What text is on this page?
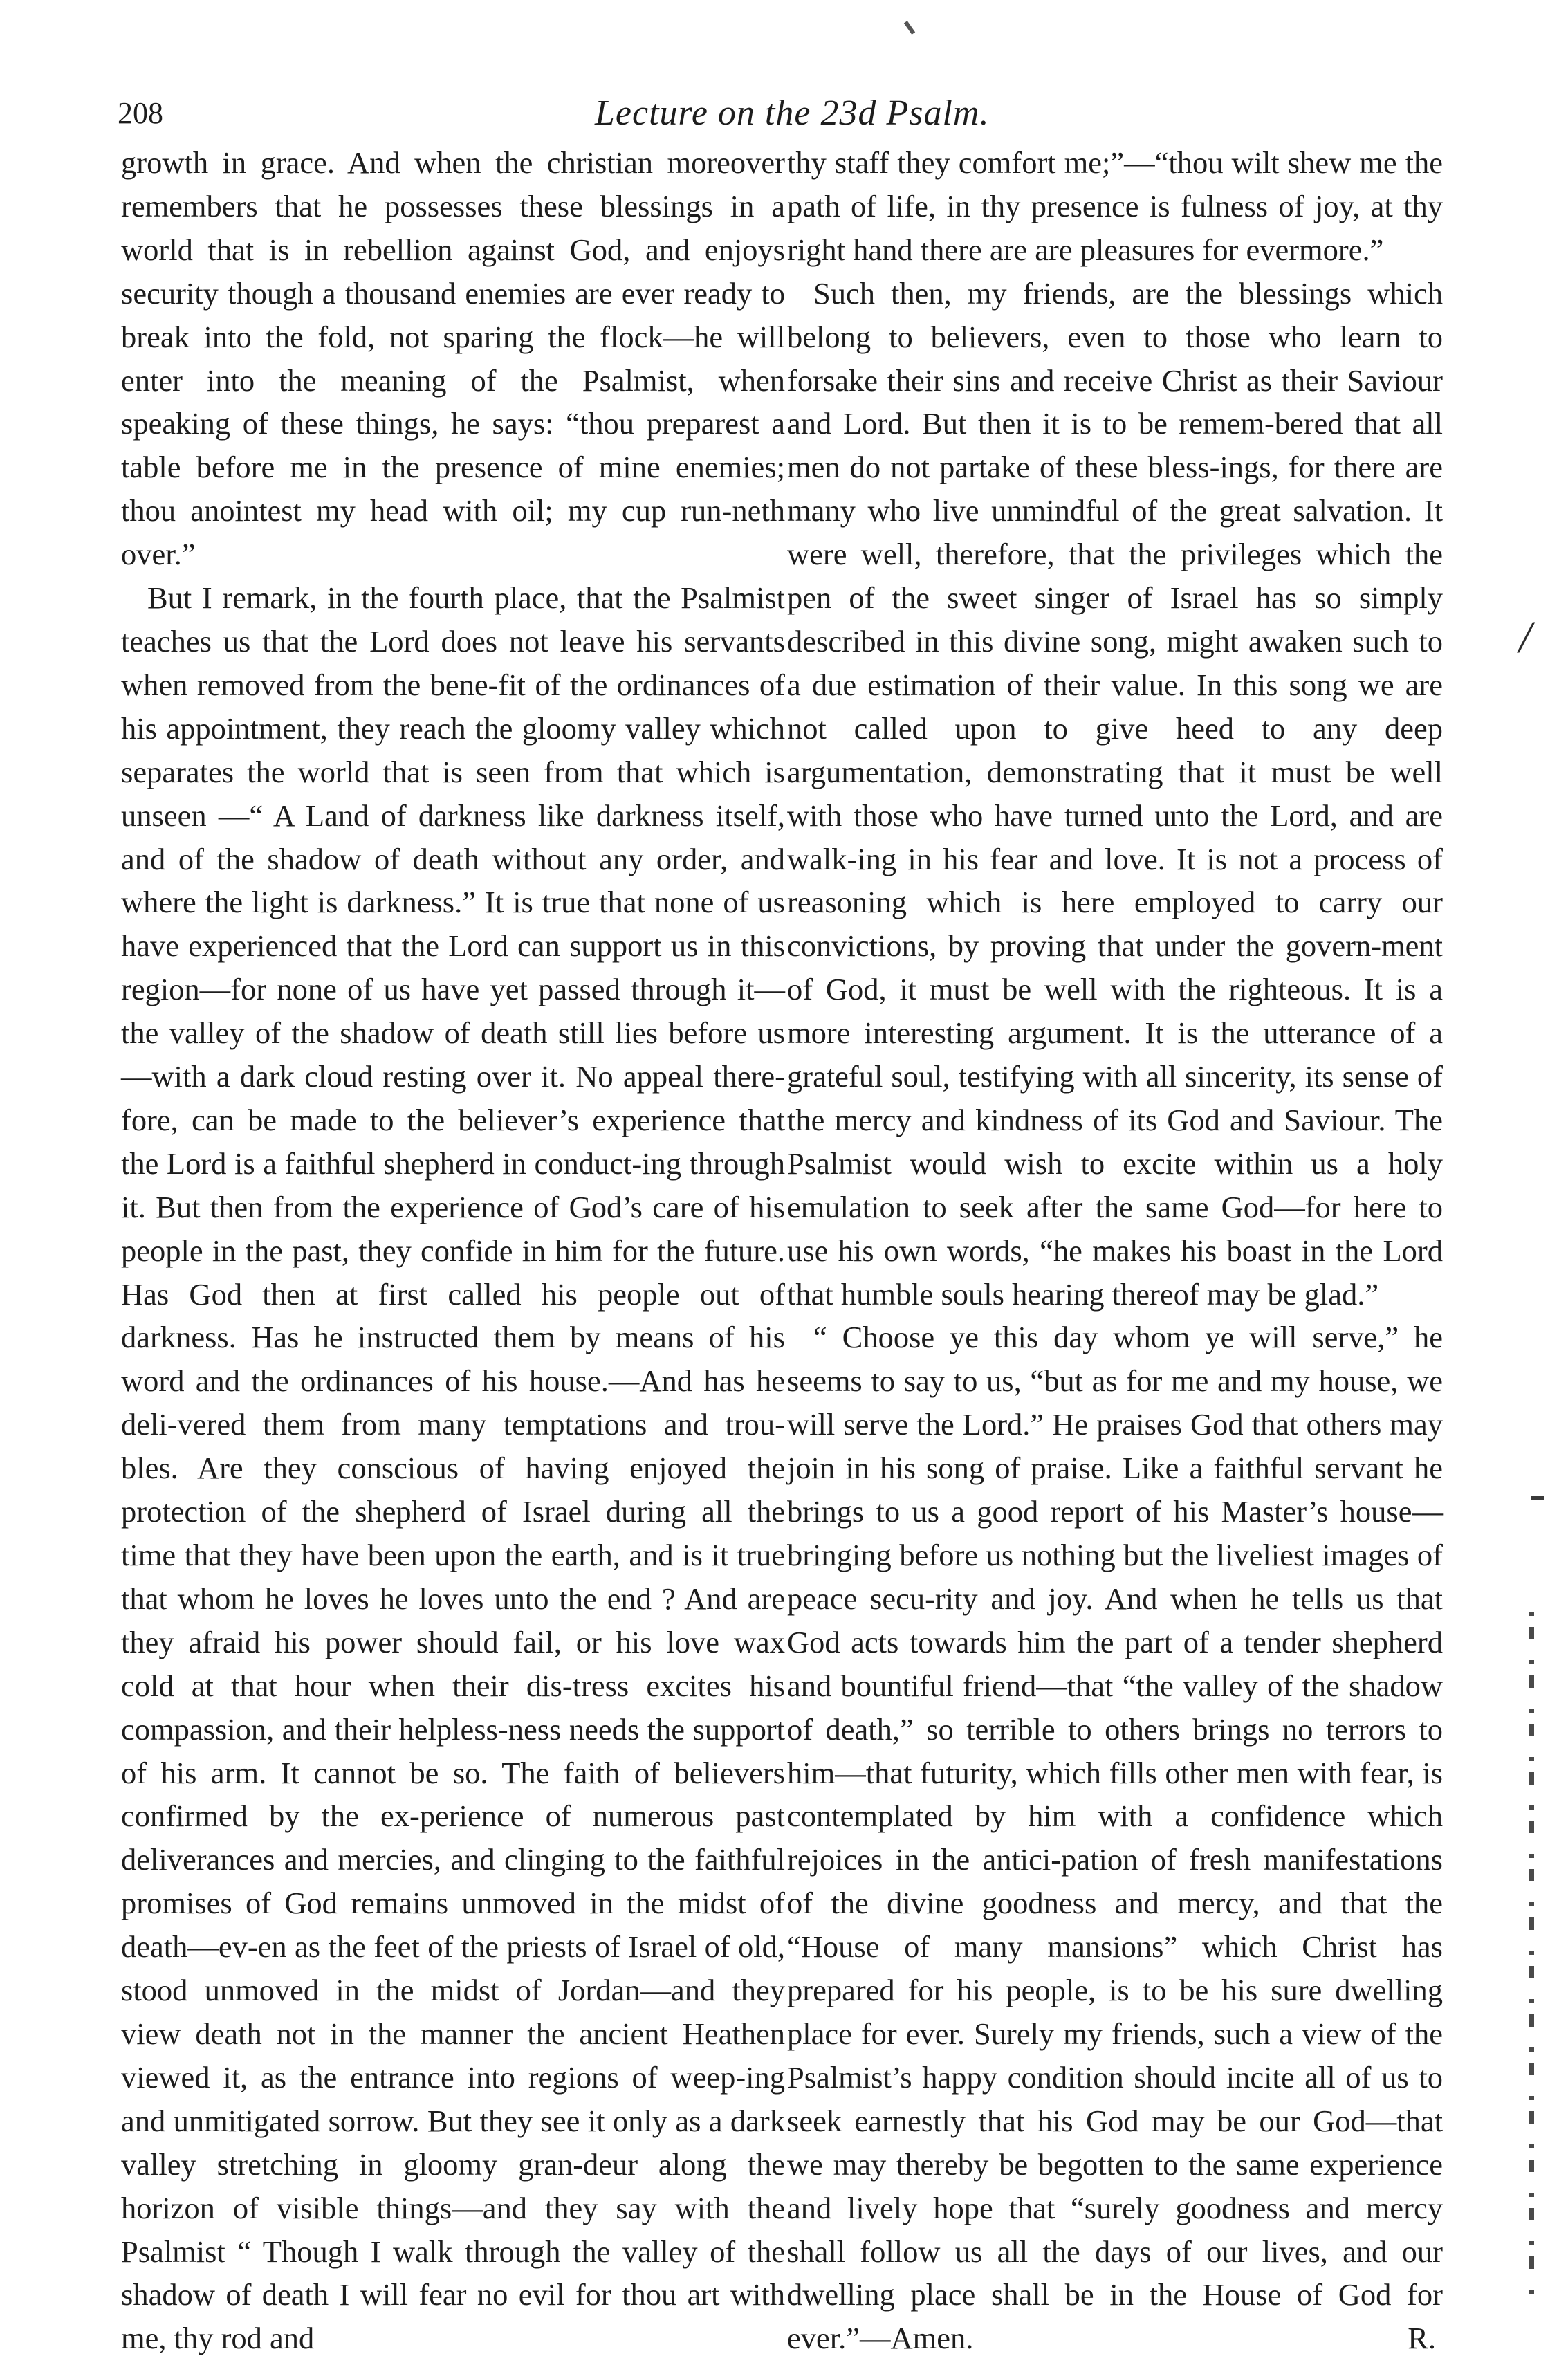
208	Lecture on the 23d Psalm.

growth in grace. And when the christian moreover remembers that he possesses these blessings in a world that is in rebellion against God, and enjoys security though a thousand enemies are ever ready to break into the fold, not sparing the flock—he will enter into the meaning of the Psalmist, when speaking of these things, he says: “thou preparest a table before me in the presence of mine enemies; thou anointest my head with oil; my cup run-neth over.”

But I remark, in the fourth place, that the Psalmist teaches us that the Lord does not leave his servants when removed from the bene-fit of the ordinances of his appointment, they reach the gloomy valley which separates the world that is seen from that which is unseen —“ A Land of darkness like darkness itself, and of the shadow of death without any order, and where the light is darkness.” It is true that none of us have experienced that the Lord can support us in this region—for none of us have yet passed through it—the valley of the shadow of death still lies before us—with a dark cloud resting over it. No appeal there-fore, can be made to the believer’s experience that the Lord is a faithful shepherd in conduct-ing through it. But then from the experience of God’s care of his people in the past, they confide in him for the future. Has God then at first called his people out of darkness. Has he instructed them by means of his word and the ordinances of his house.—And has he deli-vered them from many temptations and trou-bles. Are they conscious of having enjoyed the protection of the shepherd of Israel during all the time that they have been upon the earth, and is it true that whom he loves he loves unto the end ? And are they afraid his power should fail, or his love wax cold at that hour when their dis-tress excites his compassion, and their helpless-ness needs the support of his arm. It cannot be so. The faith of believers confirmed by the ex-perience of numerous past deliverances and mercies, and clinging to the faithful promises of God remains unmoved in the midst of death—ev-en as the feet of the priests of Israel of old, stood unmoved in the midst of Jordan—and they view death not in the manner the ancient Heathen viewed it, as the entrance into regions of weep-ing and unmitigated sorrow. But they see it only as a dark valley stretching in gloomy gran-deur along the horizon of visible things—and they say with the Psalmist “ Though I walk through the valley of the shadow of death I will fear no evil for thou art with me, thy rod and

thy staff they comfort me;”—“thou wilt shew me the path of life, in thy presence is fulness of joy, at thy right hand there are are pleasures for evermore.”

Such then, my friends, are the blessings which belong to believers, even to those who learn to forsake their sins and receive Christ as their Saviour and Lord. But then it is to be remem-bered that all men do not partake of these bless-ings, for there are many who live unmindful of the great salvation. It were well, therefore, that the privileges which the pen of the sweet singer of Israel has so simply described in this divine song, might awaken such to a due estimation of their value. In this song we are not called upon to give heed to any deep argumentation, demonstrating that it must be well with those who have turned unto the Lord, and are walk-ing in his fear and love. It is not a process of reasoning which is here employed to carry our convictions, by proving that under the govern-ment of God, it must be well with the righteous. It is a more interesting argument. It is the utterance of a grateful soul, testifying with all sincerity, its sense of the mercy and kindness of its God and Saviour. The Psalmist would wish to excite within us a holy emulation to seek after the same God—for here to use his own words, “he makes his boast in the Lord that humble souls hearing thereof may be glad.”

“ Choose ye this day whom ye will serve,” he seems to say to us, “but as for me and my house, we will serve the Lord.” He praises God that others may join in his song of praise. Like a faithful servant he brings to us a good report of his Master’s house—bringing before us nothing but the liveliest images of peace secu-rity and joy. And when he tells us that God acts towards him the part of a tender shepherd and bountiful friend—that “the valley of the shadow of death,” so terrible to others brings no terrors to him—that futurity, which fills other men with fear, is contemplated by him with a confidence which rejoices in the antici-pation of fresh manifestations of the divine goodness and mercy, and that the “House of many mansions” which Christ has prepared for his people, is to be his sure dwelling place for ever. Surely my friends, such a view of the Psalmist’s happy condition should incite all of us to seek earnestly that his God may be our God—that we may thereby be begotten to the same experience and lively hope that “surely goodness and mercy shall follow us all the days of our lives, and our dwelling place shall be in the House of God for ever.”—Amen.	R.

/
